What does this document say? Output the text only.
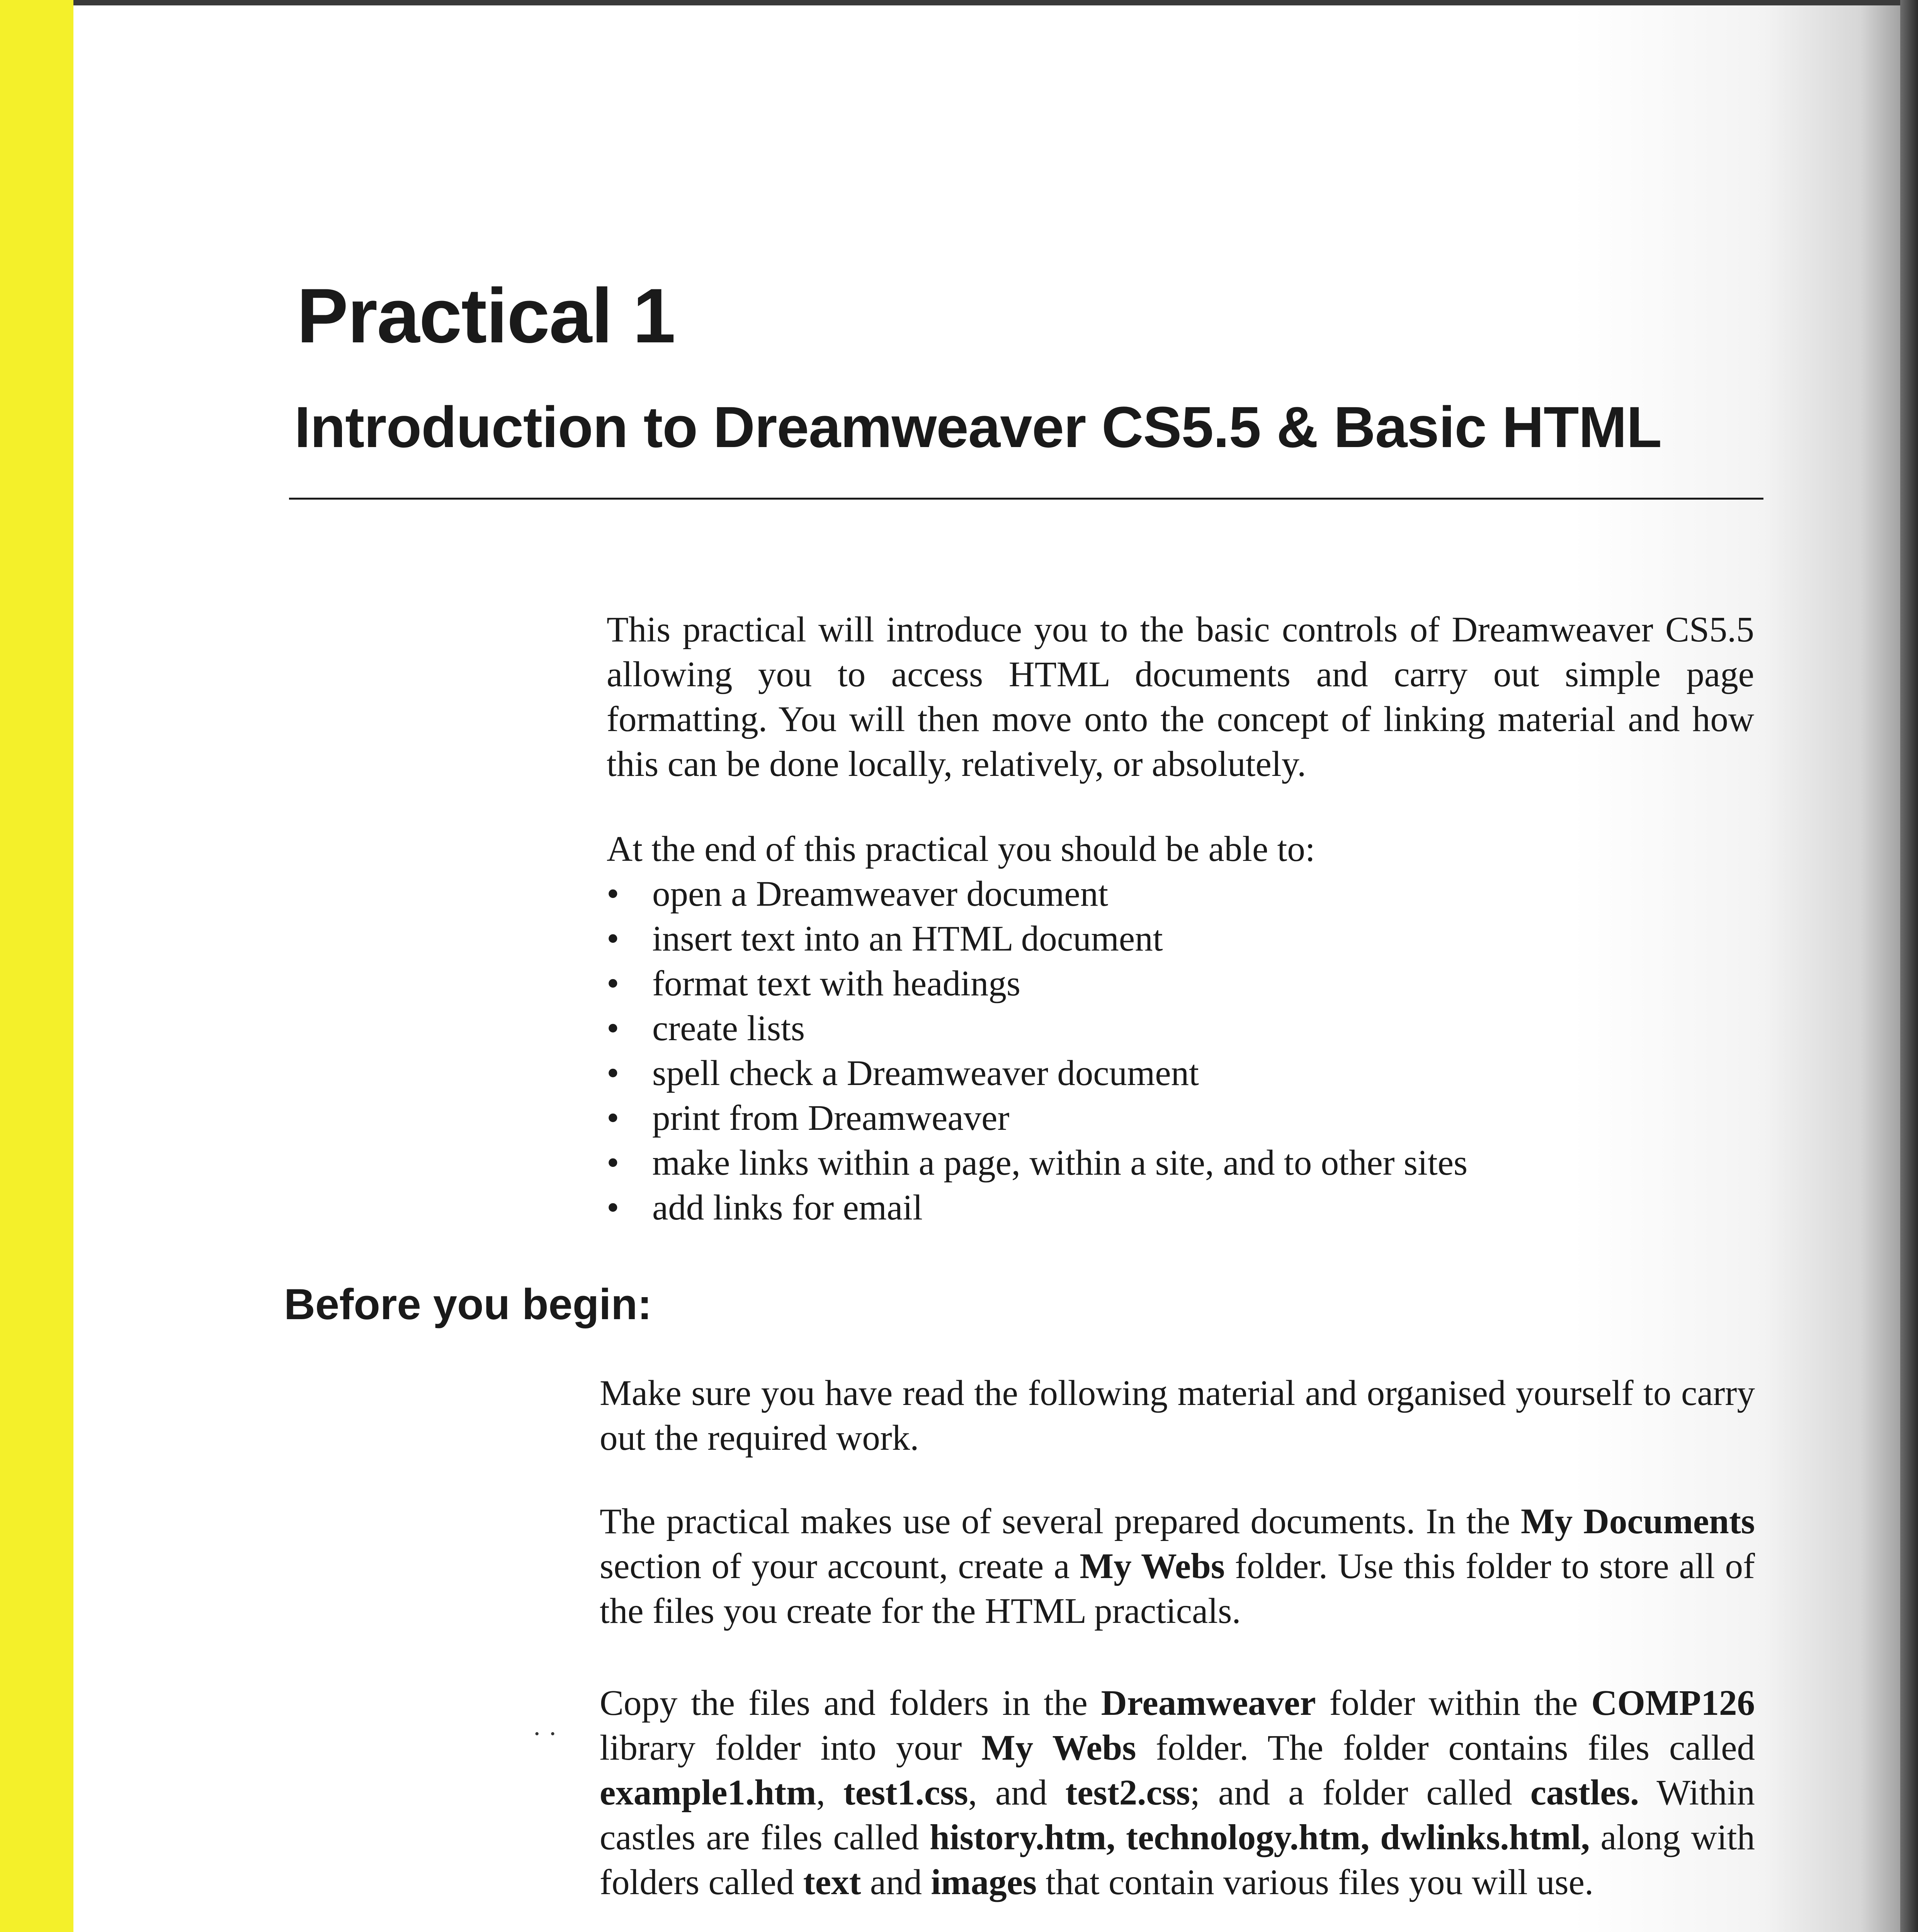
Practical 1
Introduction to Dreamweaver CS5.5 & Basic HTML

This practical will introduce you to the basic controls of Dreamweaver CS5.5 allowing you to access HTML documents and carry out simple page formatting. You will then move onto the concept of linking material and how this can be done locally, relatively, or absolutely.

At the end of this practical you should be able to:

• open a Dreamweaver document
• insert text into an HTML document
• format text with headings
• create lists
• spell check a Dreamweaver document
• print from Dreamweaver
• make links within a page, within a site, and to other sites
• add links for email
Before you begin:

Make sure you have read the following material and organised yourself to carry out the required work.

The practical makes use of several prepared documents. In the My Documents section of your account, create a My Webs folder. Use this folder to store all of the files you create for the HTML practicals.

· ·

Copy the files and folders in the Dreamweaver folder within the COMP126 library folder into your My Webs folder. The folder contains files called example1.htm, test1.css, and test2.css; and a folder called castles. Within castles are files called history.htm, technology.htm, dwlinks.html, along with folders called text and images that contain various files you will use.
